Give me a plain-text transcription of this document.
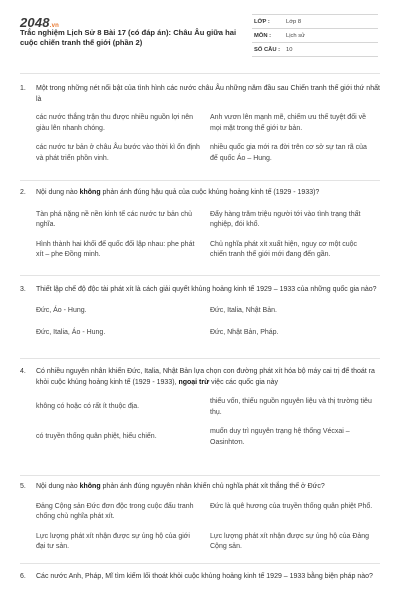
2048.vn
Trắc nghiệm Lịch Sử 8 Bài 17 (có đáp án): Châu Âu giữa hai cuộc chiến tranh thế giới (phần 2)
LỚP :	Lớp 8
MÔN :	Lịch sử
SỐ CÂU :	10
1. Một trong những nét nổi bật của tình hình các nước châu Âu những năm đầu sau Chiến tranh thế giới thứ nhất là
các nước thắng trận thu được nhiều nguồn lợi nên giàu lên nhanh chóng.
Anh vươn lên mạnh mẽ, chiếm ưu thế tuyệt đối về mọi mặt trong thế giới tư bản.
các nước tư bản ở châu Âu bước vào thời kì ổn định và phát triển phồn vinh.
nhiều quốc gia mới ra đời trên cơ sở sự tan rã của đế quốc Áo – Hung.
2. Nội dung nào không phản ánh đúng hậu quả của cuộc khủng hoảng kinh tế (1929 - 1933)?
Tàn phá nặng nề nền kinh tế các nước tư bản chủ nghĩa.
Đẩy hàng trăm triệu người tới vào tình trạng thất nghiệp, đói khổ.
Hình thành hai khối đế quốc đối lập nhau: phe phát xít – phe Đồng minh.
Chủ nghĩa phát xít xuất hiện, nguy cơ một cuộc chiến tranh thế giới mới đang đến gần.
3. Thiết lập chế độ độc tài phát xít là cách giải quyết khủng hoảng kinh tế 1929 – 1933 của những quốc gia nào?
Đức, Áo - Hung.	Đức, Italia, Nhật Bản.
Đức, Italia, Áo - Hung.	Đức, Nhật Bản, Pháp.
4. Có nhiều nguyên nhân khiến Đức, Italia, Nhật Bản lựa chọn con đường phát xít hóa bộ máy cai trị để thoát ra khỏi cuộc khủng hoảng kinh tế (1929 - 1933), ngoại trừ việc các quốc gia này
không có hoặc có rất ít thuộc địa.
thiếu vốn, thiếu nguồn nguyên liệu và thị trường tiêu thụ.
có truyền thống quân phiệt, hiếu chiến.
muốn duy trì nguyên trạng hệ thống Vécxai – Oasinhtơn.
5. Nội dung nào không phản ánh đúng nguyên nhân khiến chủ nghĩa phát xít thắng thế ở Đức?
Đảng Cộng sản Đức đơn độc trong cuộc đấu tranh chống chủ nghĩa phát xít.
Đức là quê hương của truyền thống quân phiệt Phổ.
Lực lượng phát xít nhận được sự ủng hộ của giới đại tư sản.
Lực lượng phát xít nhận được sự ủng hộ của Đảng Cộng sản.
6. Các nước Anh, Pháp, Mĩ tìm kiếm lối thoát khỏi cuộc khủng hoảng kinh tế 1929 – 1933 bằng biện pháp nào?
